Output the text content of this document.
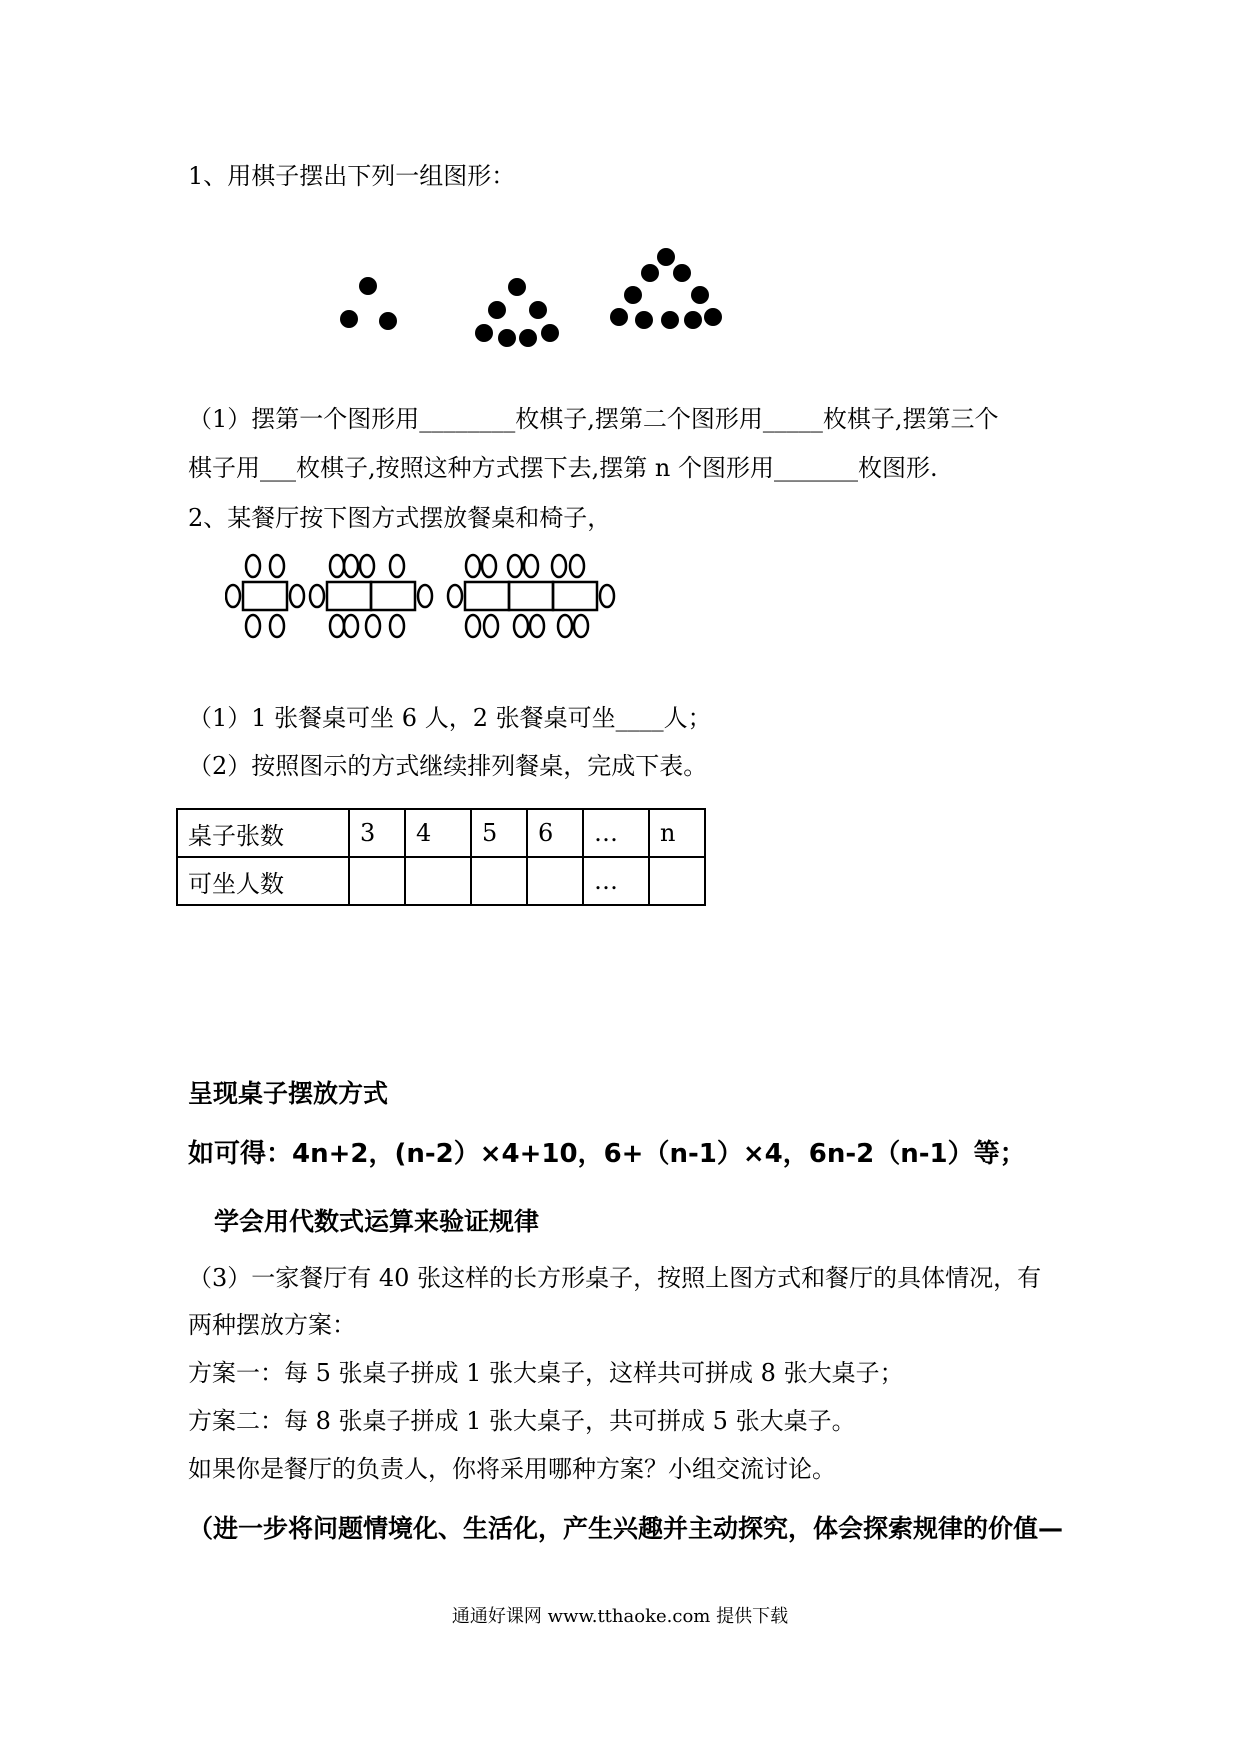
1、用棋子摆出下列一组图形：
（1）摆第一个图形用________枚棋子,摆第二个图形用_____枚棋子,摆第三个
棋子用___枚棋子,按照这种方式摆下去,摆第 n 个图形用_______枚图形.
2、某餐厅按下图方式摆放餐桌和椅子，
（1）1 张餐桌可坐 6 人，2 张餐桌可坐____人；
（2）按照图示的方式继续排列餐桌，完成下表。
桌子张数	3	4	5	6	…	n
可坐人数					…	
呈现桌子摆放方式
如可得：4n+2，(n-2）×4+10，6+（n-1）×4，6n-2（n-1）等；
学会用代数式运算来验证规律
（3）一家餐厅有 40 张这样的长方形桌子，按照上图方式和餐厅的具体情况，有
两种摆放方案：
方案一：每 5 张桌子拼成 1 张大桌子，这样共可拼成 8 张大桌子；
方案二：每 8 张桌子拼成 1 张大桌子，共可拼成 5 张大桌子。
如果你是餐厅的负责人，你将采用哪种方案？小组交流讨论。
（进一步将问题情境化、生活化，产生兴趣并主动探究，体会探索规律的价值—
通通好课网 www.tthaoke.com 提供下载
